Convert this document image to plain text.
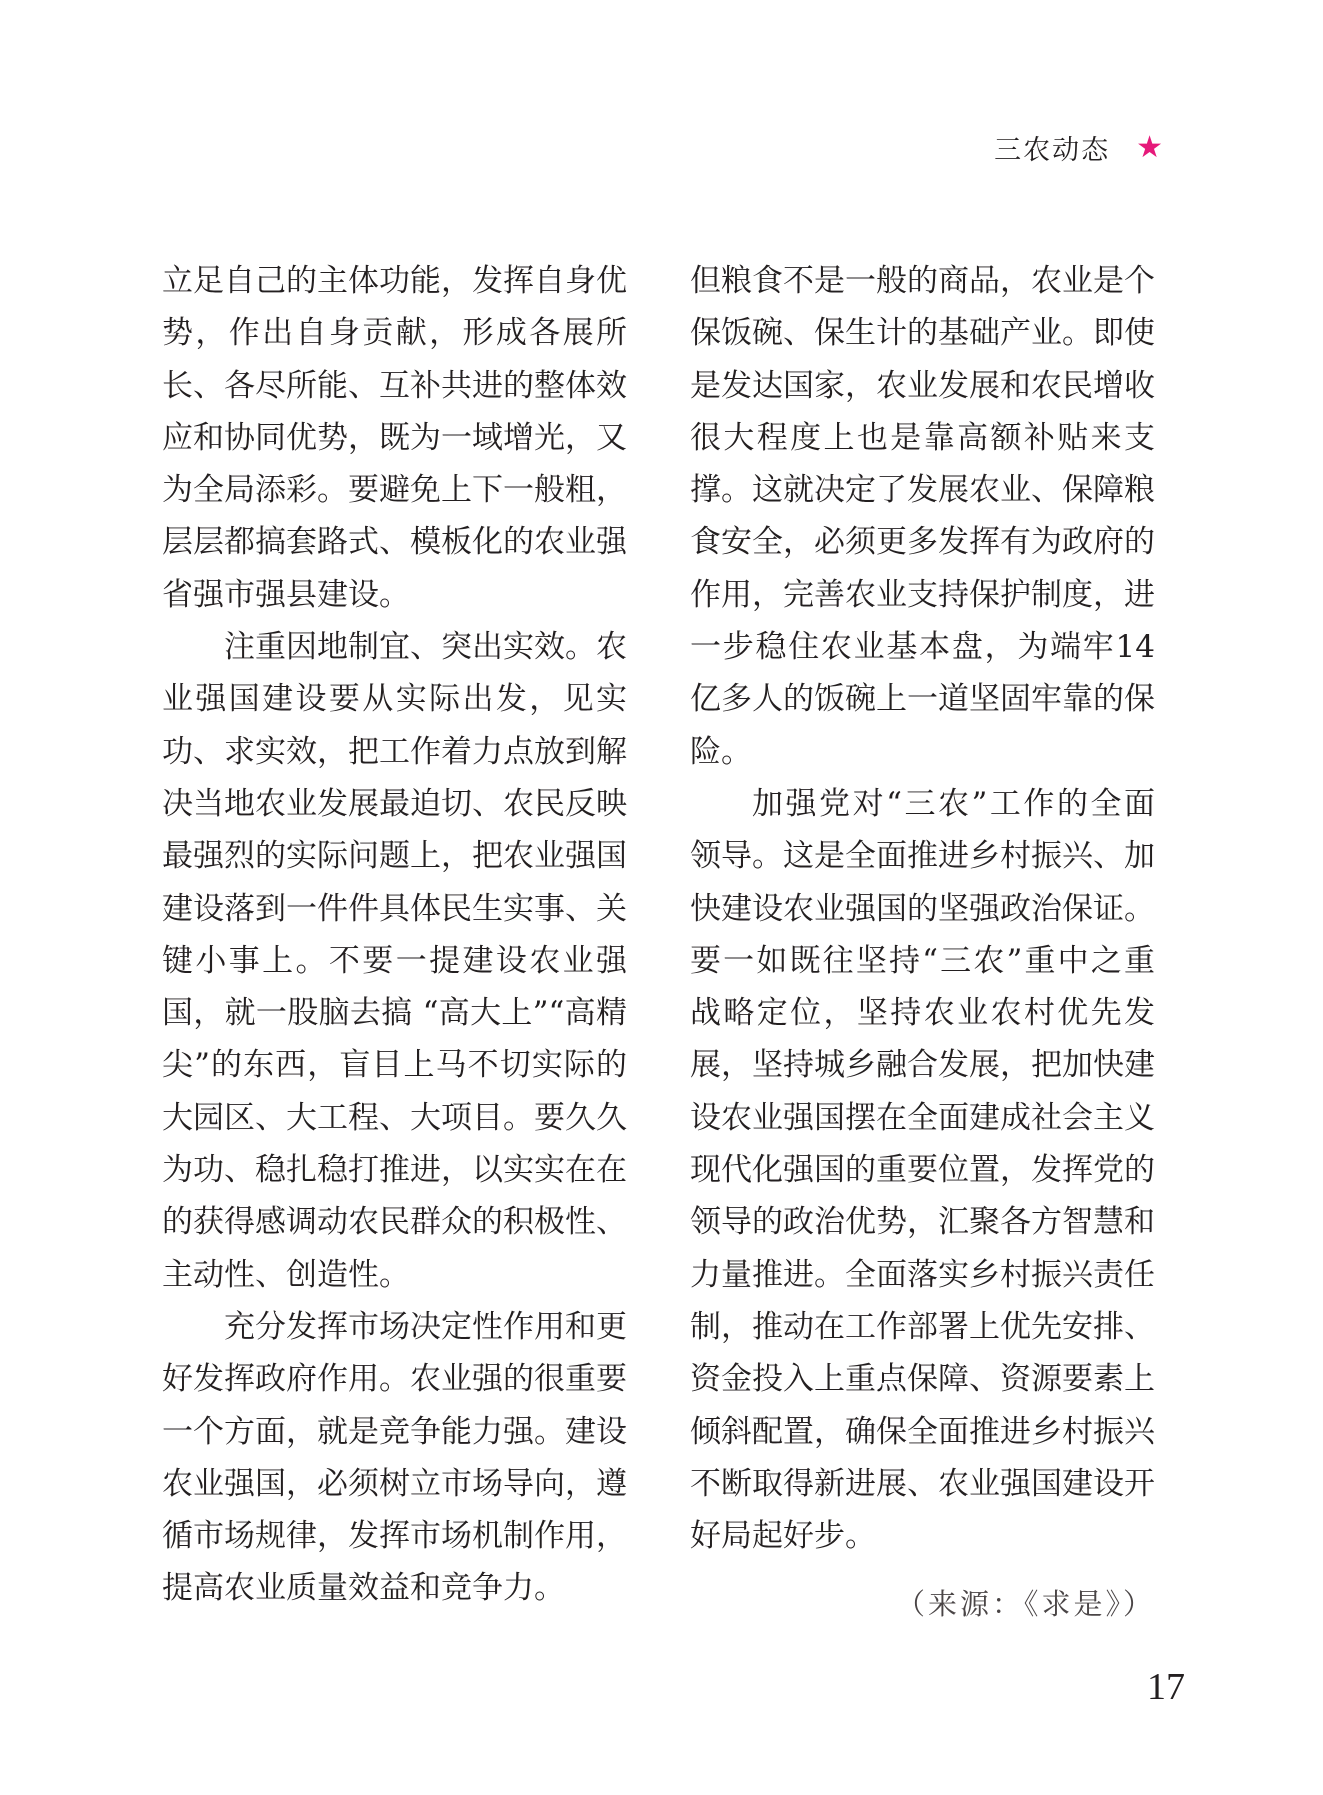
三农动态 ★

立足自己的主体功能，发挥自身优势，作出自身贡献，形成各展所长、各尽所能、互补共进的整体效应和协同优势，既为一域增光，又为全局添彩。要避免上下一般粗，层层都搞套路式、模板化的农业强省强市强县建设。

注重因地制宜、突出实效。农业强国建设要从实际出发，见实功、求实效，把工作着力点放到解决当地农业发展最迫切、农民反映最强烈的实际问题上，把农业强国建设落到一件件具体民生实事、关键小事上。不要一提建设农业强国，就一股脑去搞 “高大上”“高精尖”的东西，盲目上马不切实际的大园区、大工程、大项目。要久久为功、稳扎稳打推进，以实实在在的获得感调动农民群众的积极性、主动性、创造性。

充分发挥市场决定性作用和更好发挥政府作用。农业强的很重要一个方面，就是竞争能力强。建设农业强国，必须树立市场导向，遵循市场规律，发挥市场机制作用，提高农业质量效益和竞争力。

但粮食不是一般的商品，农业是个保饭碗、保生计的基础产业。即使是发达国家，农业发展和农民增收很大程度上也是靠高额补贴来支撑。这就决定了发展农业、保障粮食安全，必须更多发挥有为政府的作用，完善农业支持保护制度，进一步稳住农业基本盘，为端牢14 亿多人的饭碗上一道坚固牢靠的保险。

加强党对“三农”工作的全面领导。这是全面推进乡村振兴、加快建设农业强国的坚强政治保证。要一如既往坚持“三农”重中之重战略定位，坚持农业农村优先发展，坚持城乡融合发展，把加快建设农业强国摆在全面建成社会主义现代化强国的重要位置，发挥党的领导的政治优势，汇聚各方智慧和力量推进。全面落实乡村振兴责任制，推动在工作部署上优先安排、资金投入上重点保障、资源要素上倾斜配置，确保全面推进乡村振兴不断取得新进展、农业强国建设开好局起好步。

（来源：《求是》）
17
